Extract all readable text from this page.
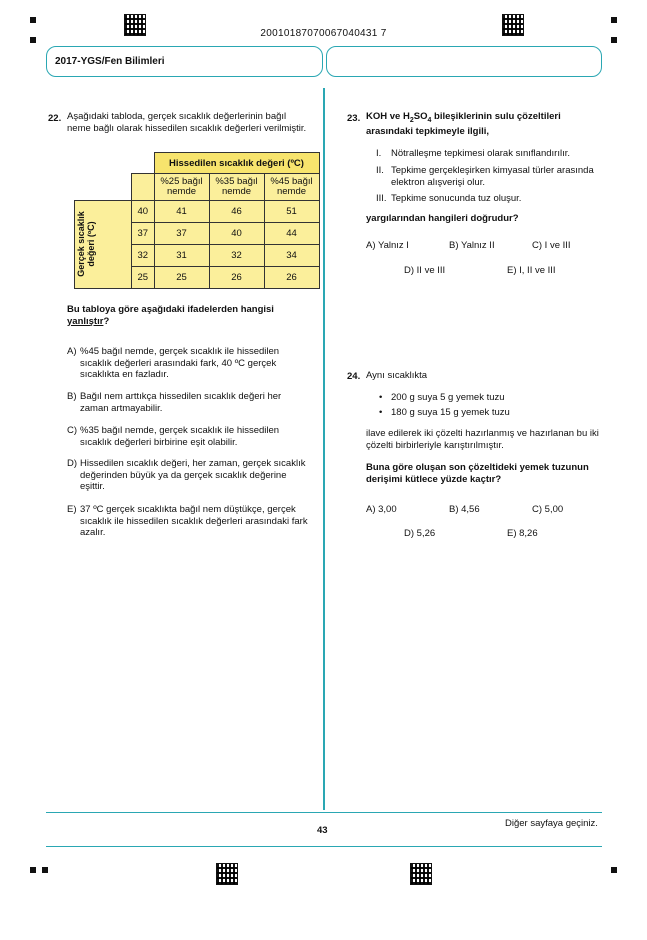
20010187070067040431 7
2017-YGS/Fen Bilimleri
22. Aşağıdaki tabloda, gerçek sıcaklık değerlerinin bağıl neme bağlı olarak hissedilen sıcaklık değerleri verilmiştir.
		Hissedilen sıcaklık değeri (ºC)		
		%25 bağıl nemde	%35 bağıl nemde	%45 bağıl nemde

Gerçek sıcaklık değeri (ºC)	40	41	46	51
	37	37	40	44
	32	31	32	34
	25	25	26	26
Bu tabloya göre aşağıdaki ifadelerden hangisi yanlıştır?
A) %45 bağıl nemde, gerçek sıcaklık ile hissedilen sıcaklık değerleri arasındaki fark, 40 ºC gerçek sıcaklıkta en fazladır.
B) Bağıl nem arttıkça hissedilen sıcaklık değeri her zaman artmayabilir.
C) %35 bağıl nemde, gerçek sıcaklık ile hissedilen sıcaklık değerleri birbirine eşit olabilir.
D) Hissedilen sıcaklık değeri, her zaman, gerçek sıcaklık değerinden büyük ya da gerçek sıcaklık değerine eşittir.
E) 37 ºC gerçek sıcaklıkta bağıl nem düştükçe, gerçek sıcaklık ile hissedilen sıcaklık değerleri arasındaki fark azalır.
23. KOH ve $H_2SO_4$ bileşiklerinin sulu çözeltileri arasındaki tepkimeyle ilgili,
I. Nötralleşme tepkimesi olarak sınıflandırılır.
II. Tepkime gerçekleşirken kimyasal türler arasında elektron alışverişi olur.
III. Tepkime sonucunda tuz oluşur.
yargılarından hangileri doğrudur?
A) Yalnız I	B) Yalnız II	C) I ve III
D) II ve III	E) I, II ve III
24. Aynı sıcaklıkta
• 200 g suya 5 g yemek tuzu
• 180 g suya 15 g yemek tuzu
ilave edilerek iki çözelti hazırlanmış ve hazırlanan bu iki çözelti birbirleriyle karıştırılmıştır.
Buna göre oluşan son çözeltideki yemek tuzunun derişimi kütlece yüzde kaçtır?
A) 3,00	B) 4,56	C) 5,00
D) 5,26	E) 8,26
Diğer sayfaya geçiniz.
43
